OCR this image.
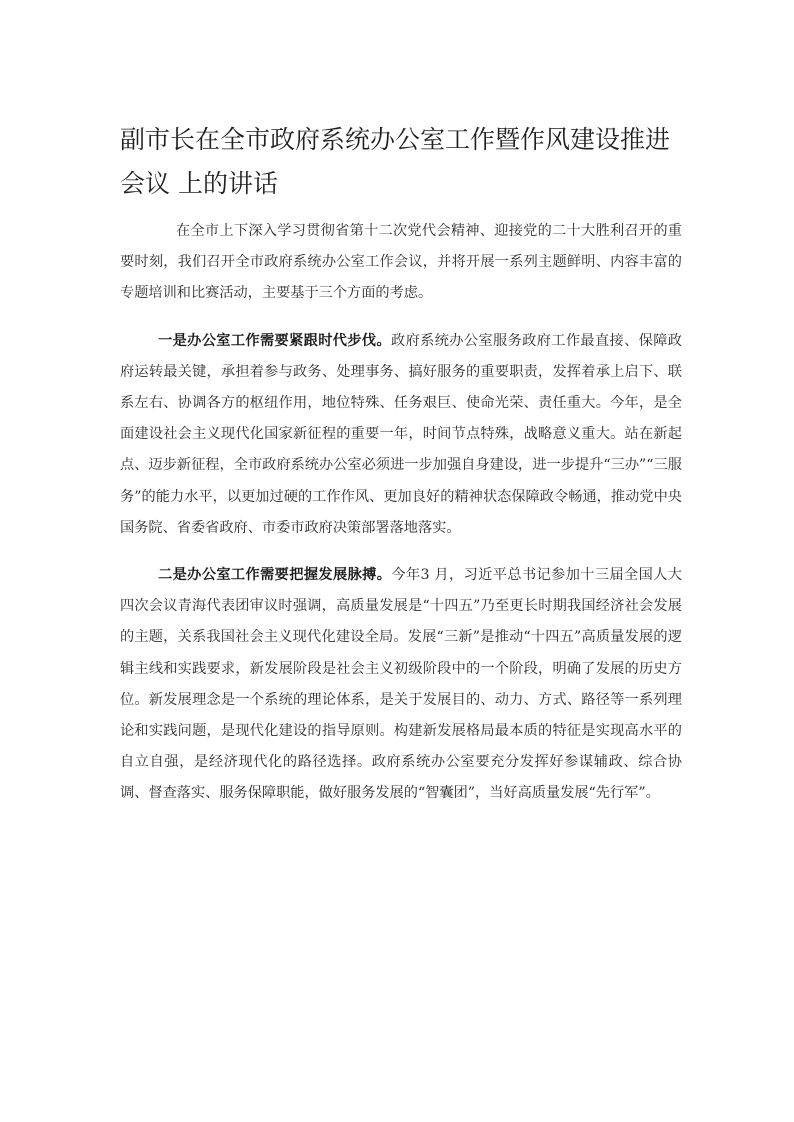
副市长在全市政府系统办公室工作暨作风建设推进会议 上的讲话

在全市上下深入学习贯彻省第十二次党代会精神、迎接党的二十大胜利召开的重要时刻，我们召开全市政府系统办公室工作会议，并将开展一系列主题鲜明、内容丰富的专题培训和比赛活动，主要基于三个方面的考虑。

一是办公室工作需要紧跟时代步伐。政府系统办公室服务政府工作最直接、保障政府运转最关键，承担着参与政务、处理事务、搞好服务的重要职责，发挥着承上启下、联系左右、协调各方的枢纽作用，地位特殊、任务艰巨、使命光荣、责任重大。今年，是全面建设社会主义现代化国家新征程的重要一年，时间节点特殊，战略意义重大。站在新起点、迈步新征程，全市政府系统办公室必须进一步加强自身建设，进一步提升“三办”“三服务”的能力水平，以更加过硬的工作作风、更加良好的精神状态保障政令畅通，推动党中央国务院、省委省政府、市委市政府决策部署落地落实。

二是办公室工作需要把握发展脉搏。今年3 月，习近平总书记参加十三届全国人大四次会议青海代表团审议时强调，高质量发展是“十四五”乃至更长时期我国经济社会发展的主题，关系我国社会主义现代化建设全局。发展“三新”是推动“十四五”高质量发展的逻辑主线和实践要求，新发展阶段是社会主义初级阶段中的一个阶段，明确了发展的历史方位。新发展理念是一个系统的理论体系，是关于发展目的、动力、方式、路径等一系列理论和实践问题，是现代化建设的指导原则。构建新发展格局最本质的特征是实现高水平的自立自强，是经济现代化的路径选择。政府系统办公室要充分发挥好参谋辅政、综合协调、督查落实、服务保障职能，做好服务发展的“智囊团”，当好高质量发展“先行军”。
